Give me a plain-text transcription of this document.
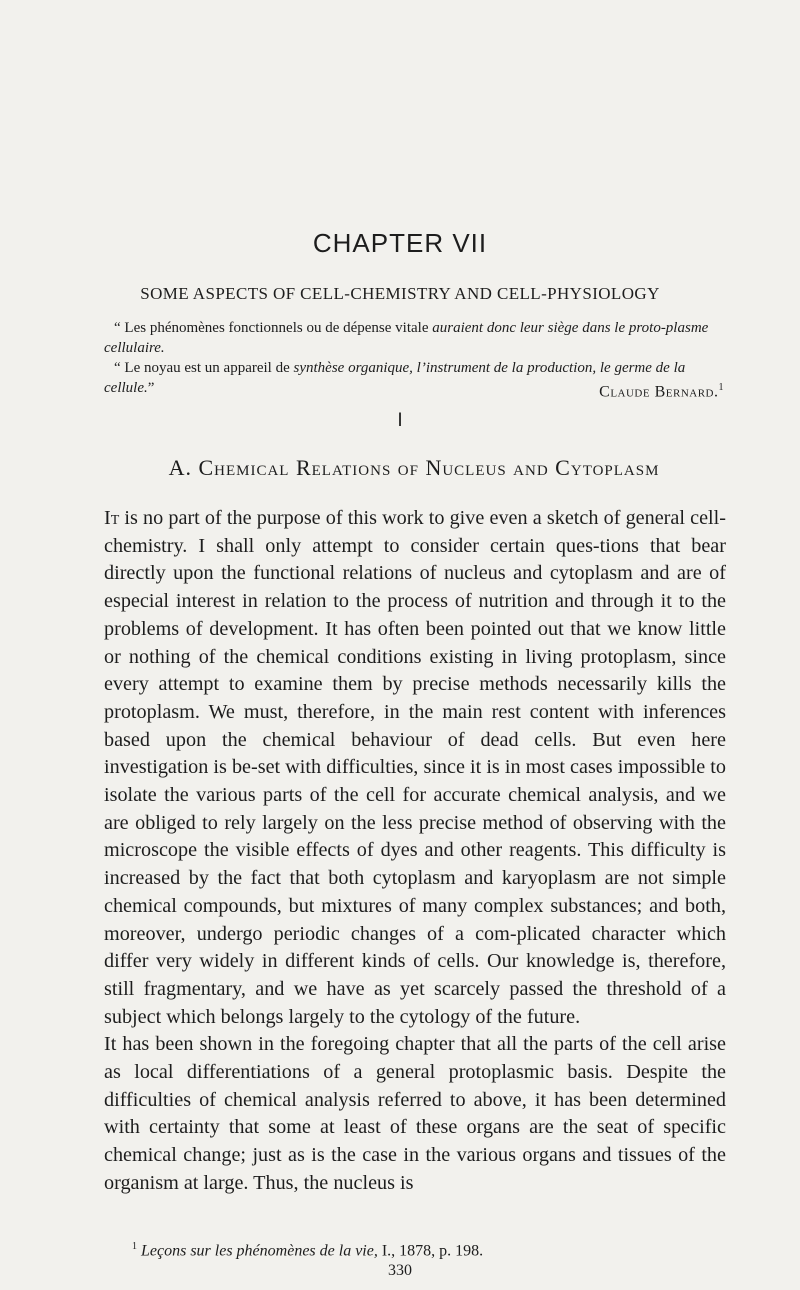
CHAPTER VII
SOME ASPECTS OF CELL-CHEMISTRY AND CELL-PHYSIOLOGY

“ Les phénomènes fonctionnels ou de dépense vitale auraient donc leur siège dans le proto-plasme cellulaire.

“ Le noyau est un appareil de synthèse organique, l’instrument de la production, le germe de la cellule.”	Claude Bernard.$^1$

I
A. Chemical Relations of Nucleus and Cytoplasm

It is no part of the purpose of this work to give even a sketch of general cell-chemistry. I shall only attempt to consider certain ques-tions that bear directly upon the functional relations of nucleus and cytoplasm and are of especial interest in relation to the process of nutrition and through it to the problems of development. It has often been pointed out that we know little or nothing of the chemical conditions existing in living protoplasm, since every attempt to examine them by precise methods necessarily kills the protoplasm. We must, therefore, in the main rest content with inferences based upon the chemical behaviour of dead cells. But even here investigation is be-set with difficulties, since it is in most cases impossible to isolate the various parts of the cell for accurate chemical analysis, and we are obliged to rely largely on the less precise method of observing with the microscope the visible effects of dyes and other reagents. This difficulty is increased by the fact that both cytoplasm and karyoplasm are not simple chemical compounds, but mixtures of many complex substances; and both, moreover, undergo periodic changes of a com-plicated character which differ very widely in different kinds of cells. Our knowledge is, therefore, still fragmentary, and we have as yet scarcely passed the threshold of a subject which belongs largely to the cytology of the future.

It has been shown in the foregoing chapter that all the parts of the cell arise as local differentiations of a general protoplasmic basis. Despite the difficulties of chemical analysis referred to above, it has been determined with certainty that some at least of these organs are the seat of specific chemical change; just as is the case in the various organs and tissues of the organism at large. Thus, the nucleus is

$^1$ Leçons sur les phénomènes de la vie, I., 1878, p. 198.
330
